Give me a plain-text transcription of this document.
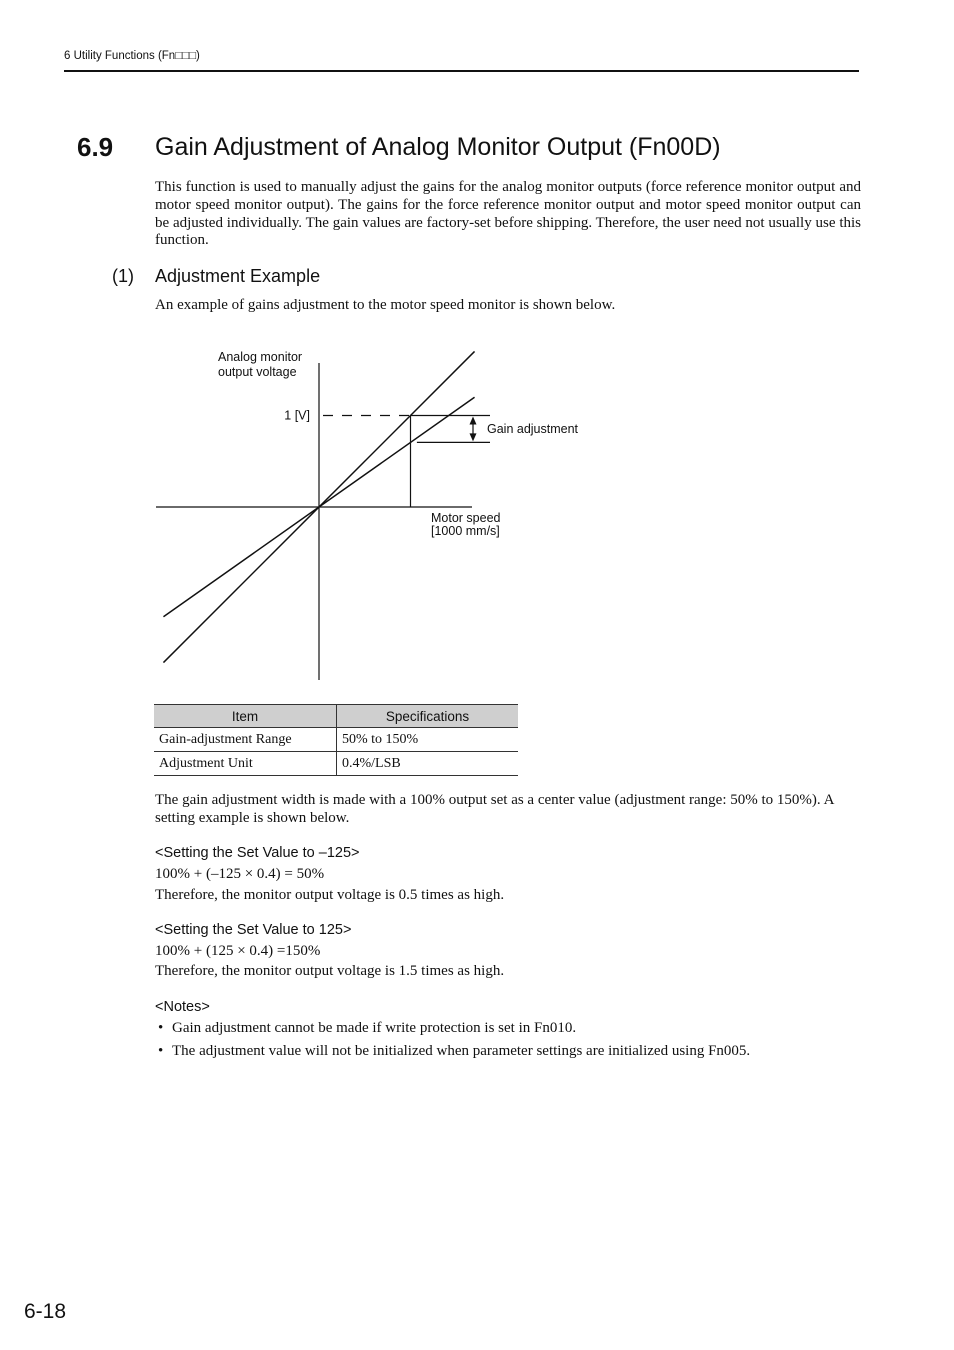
6 Utility Functions (Fn□□□)
6.9 Gain Adjustment of Analog Monitor Output (Fn00D)

This function is used to manually adjust the gains for the analog monitor outputs (force reference monitor output and motor speed monitor output). The gains for the force reference monitor output and motor speed monitor output can be adjusted individually. The gain values are factory-set before shipping. Therefore, the user need not usually use this function.

(1) Adjustment Example

An example of gains adjustment to the motor speed monitor is shown below.

Analog monitor
output voltage
1 [V]
Gain adjustment
Motor speed
[1000 mm/s]
Item	Specifications
Gain-adjustment Range	50% to 150%
Adjustment Unit	0.4%/LSB

The gain adjustment width is made with a 100% output set as a center value (adjustment range: 50% to 150%). A setting example is shown below.

<Setting the Set Value to –125>
100% + (–125 × 0.4) = 50%
Therefore, the monitor output voltage is 0.5 times as high.
<Setting the Set Value to 125>
100% + (125 × 0.4) =150%
Therefore, the monitor output voltage is 1.5 times as high.
<Notes>
• Gain adjustment cannot be made if write protection is set in Fn010.
• The adjustment value will not be initialized when parameter settings are initialized using Fn005.
6-18
